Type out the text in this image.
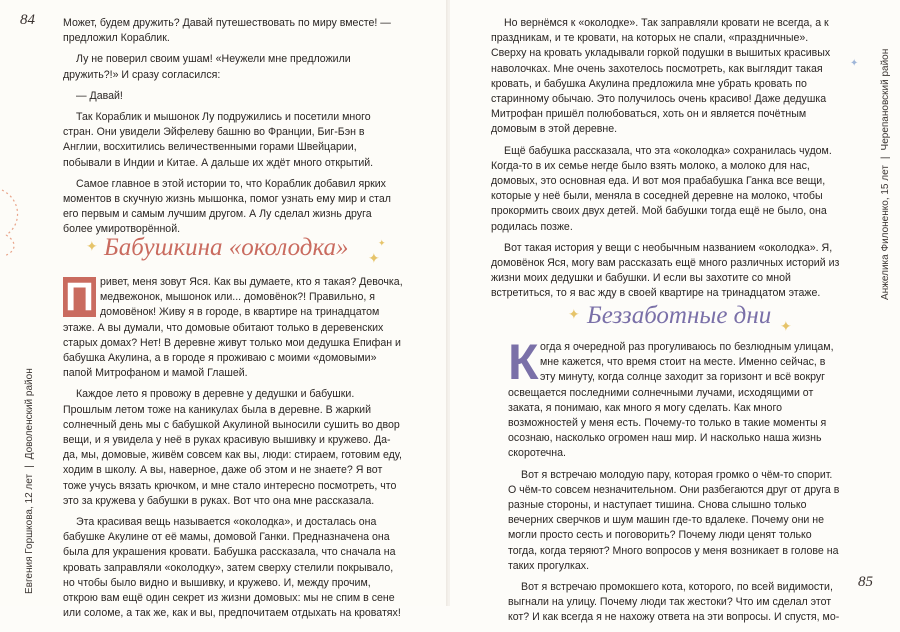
84	Может, будем дружить? Давай путешествовать по миру вместе! — предложил Кораблик.

Лу не поверил своим ушам! «Неужели мне предложили дружить?!» И сразу согласился:

— Давай!

Так Кораблик и мышонок Лу подружились и посетили много стран. Они увидели Эйфелеву башню во Франции, Биг-Бэн в Англии, восхитились величественными горами Швейцарии, побывали в Индии и Китае. А дальше их ждёт много открытий.

Самое главное в этой истории то, что Кораблик добавил ярких моментов в скучную жизнь мышонка, помог узнать ему мир и стал его первым и самым лучшим другом. А Лу сделал жизнь друга более умиротворённой.

✦
✦
✦
Бабушкина «околодка»

П ривет, меня зовут Яся. Как вы думаете, кто я такая? Девочка, медвежонок, мышонок или... домовёнок?! Правильно, я домовёнок! Живу я в городе, в квартире на тринадцатом этаже. А вы думали, что домовые обитают только в деревенских старых домах? Нет! В деревне живут только мои дедушка Епифан и бабушка Акулина, а в городе я проживаю с моими «домовыми» папой Митрофаном и мамой Глашей.

Каждое лето я провожу в деревне у дедушки и бабушки. Прошлым летом тоже на каникулах была в деревне. В жаркий солнечный день мы с бабушкой Акулиной выносили сушить во двор вещи, и я увидела у неё в руках красивую вышивку и кружево. Да-да, мы, домовые, живём совсем как вы, люди: стираем, готовим еду, ходим в школу. А вы, наверное, даже об этом и не знаете? Я вот тоже учусь вязать крючком, и мне стало интересно посмотреть, что это за кружева у бабушки в руках. Вот что она мне рассказала.

Эта красивая вещь называется «околодка», и досталась она бабушке Акулине от её мамы, домовой Ганки. Предназначена она была для украшения кровати. Бабушка рассказала, что сначала на кровать заправляли «околодку», затем сверху стелили покрывало, но чтобы было видно и вышивку, и кружево. И, между прочим, открою вам ещё один секрет из жизни домовых: мы не спим в сене или соломе, а так же, как и вы, предпочитаем отдыхать на кроватях!

Евгения Горшкова, 12 лет|Доволенский район
✦

Но вернёмся к «околодке». Так заправляли кровати не всегда, а к праздникам, и те кровати, на которых не спали, «праздничные». Сверху на кровать укладывали горкой подушки в вышитых красивых наволочках. Мне очень захотелось посмотреть, как выглядит такая кровать, и бабушка Акулина предложила мне убрать кровать по старинному обычаю. Это получилось очень красиво! Даже дедушка Митрофан пришёл полюбоваться, хоть он и является почётным домовым в этой деревне.

Ещё бабушка рассказала, что эта «околодка» сохранилась чудом. Когда-то в их семье негде было взять молоко, а молоко для нас, домовых, это основная еда. И вот моя прабабушка Ганка все вещи, которые у неё были, меняла в соседней деревне на молоко, чтобы прокормить своих двух детей. Мой бабушки тогда ещё не было, она родилась позже.

Вот такая история у вещи с необычным названием «околодка». Я, домовёнок Яся, могу вам рассказать ещё много различных историй из жизни моих дедушки и бабушки. И если вы захотите со мной встретиться, то я вас жду в своей квартире на тринадцатом этаже.

✦
✦
Беззаботные дни

Когда я очередной раз прогуливаюсь по безлюдным улицам, мне кажется, что время стоит на месте. Именно сейчас, в эту минуту, когда солнце заходит за горизонт и всё вокруг освещается последними солнечными лучами, исходящими от заката, я понимаю, как много я могу сделать. Как много возможностей у меня есть. Почему-то только в такие моменты я осознаю, насколько огромен наш мир. И насколько наша жизнь скоротечна.

Вот я встречаю молодую пару, которая громко о чём-то спорит. О чём-то совсем незначительном. Они разбегаются друг от друга в разные стороны, и наступает тишина. Снова слышно только вечерних сверчков и шум машин где-то вдалеке. Почему они не могли просто сесть и поговорить? Почему люди ценят только тогда, когда теряют? Много вопросов у меня возникает в голове на таких прогулках.

Вот я встречаю промокшего кота, которого, по всей видимости, выгнали на улицу. Почему люди так жестоки? Что им сделал этот кот? И как всегда я не нахожу ответа на эти вопросы. И спустя, мо-

Анжелика Филоненко, 15 лет|Черепановский район
85
